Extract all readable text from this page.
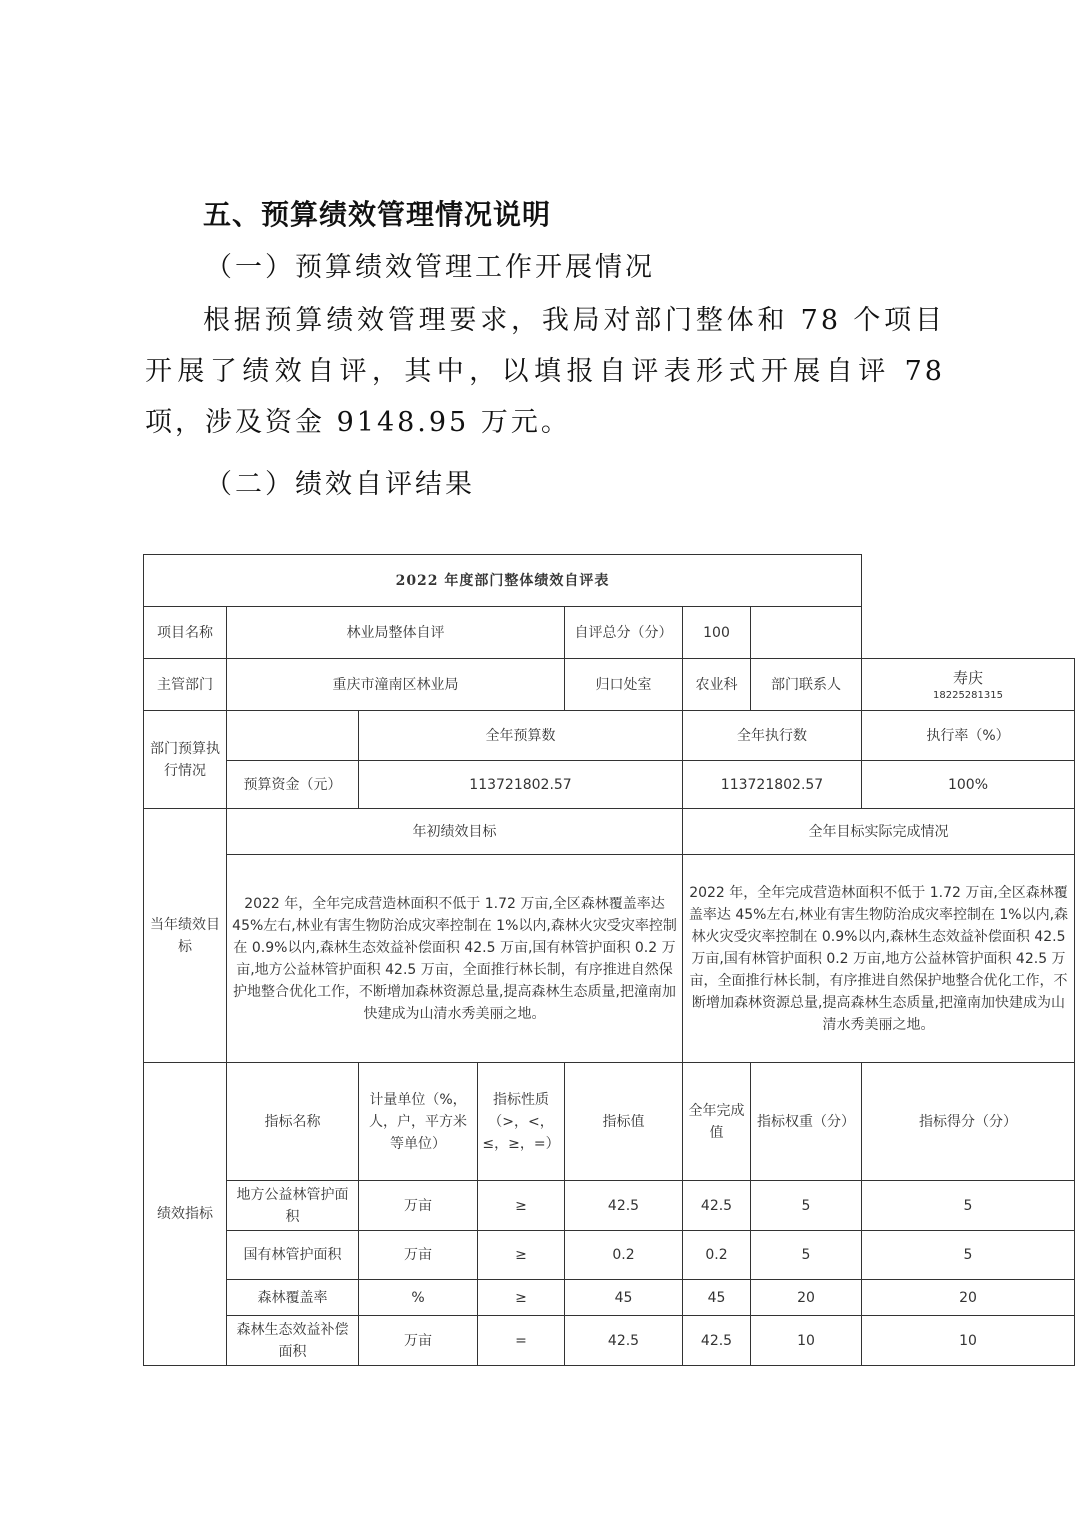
五、预算绩效管理情况说明
（一）预算绩效管理工作开展情况
根据预算绩效管理要求，我局对部门整体和 78 个项目开展了绩效自评，其中，以填报自评表形式开展自评 78 项，涉及资金 9148.95 万元。
（二）绩效自评结果
2022 年度部门整体绩效自评表							
项目名称	林业局整体自评			自评总分（分）	100		
主管部门	重庆市潼南区林业局			归口处室	农业科	部门联系人	寿庆
18225281315

部门预算执行情况		全年预算数			全年执行数		执行率（%）
	预算资金（元）	113721802.57			113721802.57		100%
当年绩效目标	年初绩效目标				全年目标实际完成情况		
	2022 年，全年完成营造林面积不低于 1.72 万亩,全区森林覆盖率达 45%左右,林业有害生物防治成灾率控制在 1%以内,森林火灾受灾率控制在 0.9%以内,森林生态效益补偿面积 42.5 万亩,国有林管护面积 0.2 万亩,地方公益林管护面积 42.5 万亩，全面推行林长制，有序推进自然保护地整合优化工作，不断增加森林资源总量,提高森林生态质量,把潼南加快建成为山清水秀美丽之地。				2022 年，全年完成营造林面积不低于 1.72 万亩,全区森林覆盖率达 45%左右,林业有害生物防治成灾率控制在 1%以内,森林火灾受灾率控制在 0.9%以内,森林生态效益补偿面积 42.5 万亩,国有林管护面积 0.2 万亩,地方公益林管护面积 42.5 万亩，全面推行林长制，有序推进自然保护地整合优化工作，不断增加森林资源总量,提高森林生态质量,把潼南加快建成为山清水秀美丽之地。		
绩效指标	指标名称	计量单位（%，人，户，平方米等单位）	指标性质（>，<，≤，≥，=）	指标值	全年完成值	指标权重（分）	指标得分（分）
	地方公益林管护面积	万亩	≥	42.5	42.5	5	5
	国有林管护面积	万亩	≥	0.2	0.2	5	5
	森林覆盖率	%	≥	45	45	20	20
	森林生态效益补偿面积	万亩	=	42.5	42.5	10	10
